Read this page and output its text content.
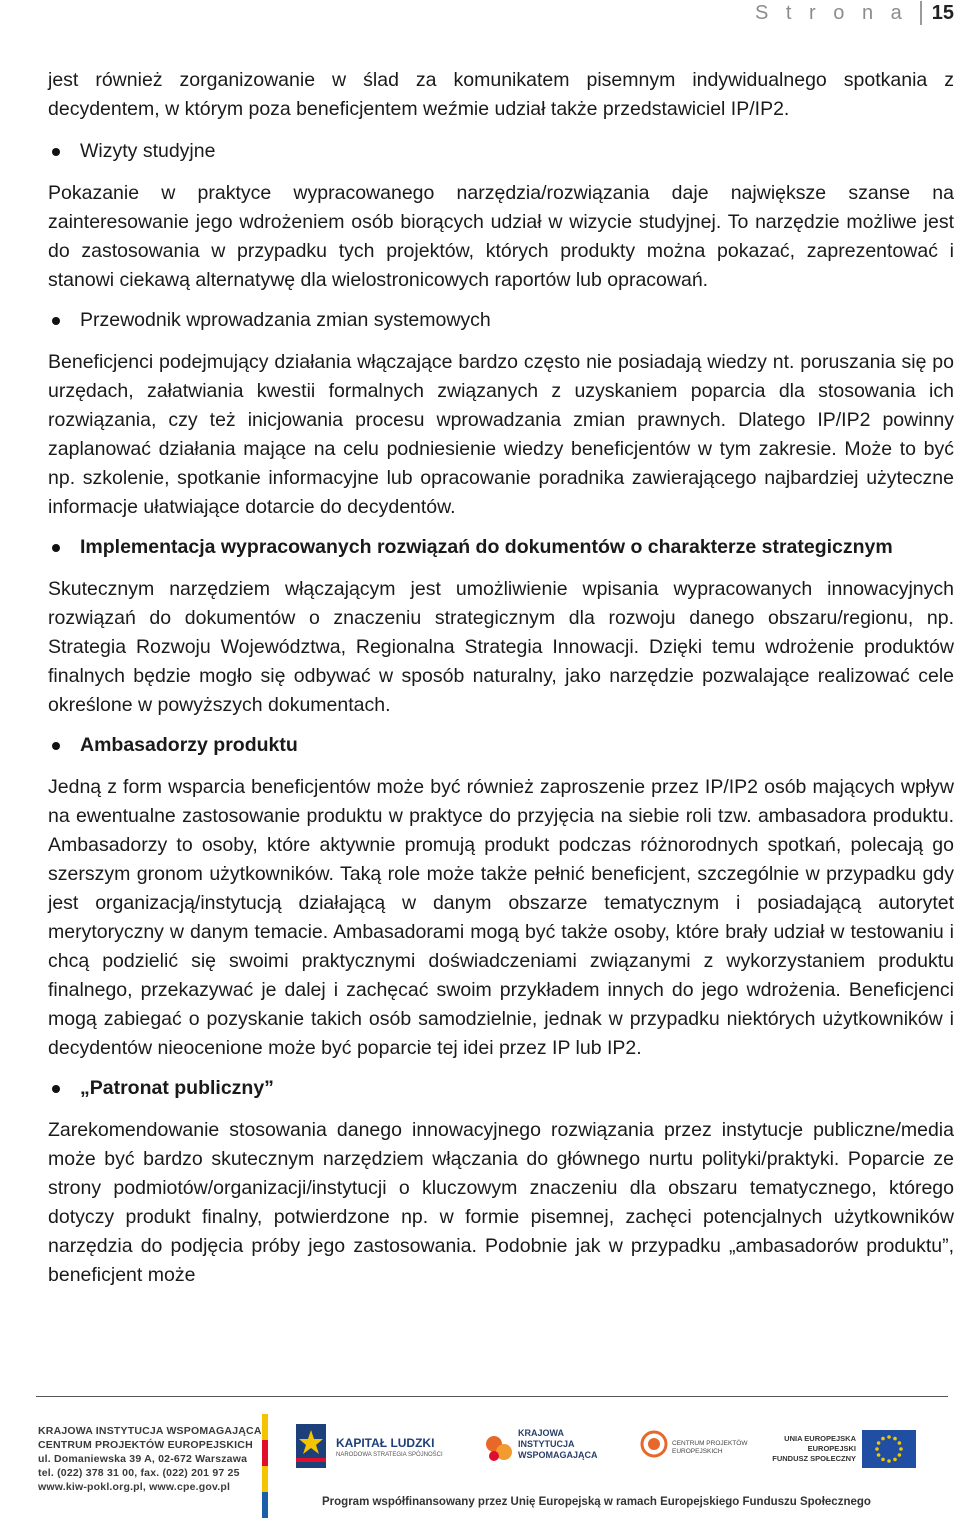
S t r o n a	15

jest również zorganizowanie w ślad za komunikatem pisemnym indywidualnego spotkania z decydentem, w którym poza beneficjentem weźmie udział także przedstawiciel IP/IP2.

Wizyty studyjne

Pokazanie w praktyce wypracowanego narzędzia/rozwiązania daje największe szanse na zainteresowanie jego wdrożeniem osób biorących udział w wizycie studyjnej. To narzędzie możliwe jest do zastosowania w przypadku tych projektów, których produkty można pokazać, zaprezentować i stanowi ciekawą alternatywę dla wielostronicowych raportów lub opracowań.

Przewodnik wprowadzania zmian systemowych

Beneficjenci podejmujący działania włączające bardzo często nie posiadają wiedzy nt. poruszania się po urzędach, załatwiania kwestii formalnych związanych z uzyskaniem poparcia dla stosowania ich rozwiązania, czy też inicjowania procesu wprowadzania zmian prawnych. Dlatego IP/IP2 powinny zaplanować działania mające na celu podniesienie wiedzy beneficjentów w tym zakresie. Może to być np. szkolenie, spotkanie informacyjne lub opracowanie poradnika zawierającego najbardziej użyteczne informacje ułatwiające dotarcie do decydentów.

Implementacja wypracowanych rozwiązań do dokumentów o charakterze strategicznym

Skutecznym narzędziem włączającym jest umożliwienie wpisania wypracowanych innowacyjnych rozwiązań do dokumentów o znaczeniu strategicznym dla rozwoju danego obszaru/regionu, np. Strategia Rozwoju Województwa, Regionalna Strategia Innowacji. Dzięki temu wdrożenie produktów finalnych będzie mogło się odbywać w sposób naturalny, jako narzędzie pozwalające realizować cele określone w powyższych dokumentach.

Ambasadorzy produktu

Jedną z form wsparcia beneficjentów może być również zaproszenie przez IP/IP2 osób mających wpływ na ewentualne zastosowanie produktu w praktyce do przyjęcia na siebie roli tzw. ambasadora produktu. Ambasadorzy to osoby, które aktywnie promują produkt podczas różnorodnych spotkań, polecają go szerszym gronom użytkowników. Taką role może także pełnić beneficjent, szczególnie w przypadku gdy jest organizacją/instytucją działającą w danym obszarze tematycznym i posiadającą autorytet merytoryczny w danym temacie. Ambasadorami mogą być także osoby, które brały udział w testowaniu i chcą podzielić się swoimi praktycznymi doświadczeniami związanymi z wykorzystaniem produktu finalnego, przekazywać je dalej i zachęcać swoim przykładem innych do jego wdrożenia. Beneficjenci mogą zabiegać o pozyskanie takich osób samodzielnie, jednak w przypadku niektórych użytkowników i decydentów nieocenione może być poparcie tej idei przez IP lub IP2.

„Patronat publiczny”

Zarekomendowanie stosowania danego innowacyjnego rozwiązania przez instytucje publiczne/media może być bardzo skutecznym narzędziem włączania do głównego nurtu polityki/praktyki. Poparcie ze strony podmiotów/organizacji/instytucji o kluczowym znaczeniu dla obszaru tematycznego, którego dotyczy produkt finalny, potwierdzone np. w formie pisemnej, zachęci potencjalnych użytkowników narzędzia do podjęcia próby jego zastosowania. Podobnie jak w przypadku „ambasadorów produktu”, beneficjent może

KRAJOWA INSTYTUCJA WSPOMAGAJĄCA
CENTRUM PROJEKTÓW EUROPEJSKICH
ul. Domaniewska 39 A, 02-672 Warszawa
tel. (022) 378 31 00, fax. (022) 201 97 25
www.kiw-pokl.org.pl, www.cpe.gov.pl
KAPITAŁ LUDZKI
NARODOWA STRATEGIA SPÓJNOŚCI
KRAJOWA
INSTYTUCJA
WSPOMAGAJĄCA
CENTRUM PROJEKTÓW
EUROPEJSKICH
UNIA EUROPEJSKA
EUROPEJSKI
FUNDUSZ SPOŁECZNY
Program współfinansowany przez Unię Europejską w ramach Europejskiego Funduszu Społecznego
